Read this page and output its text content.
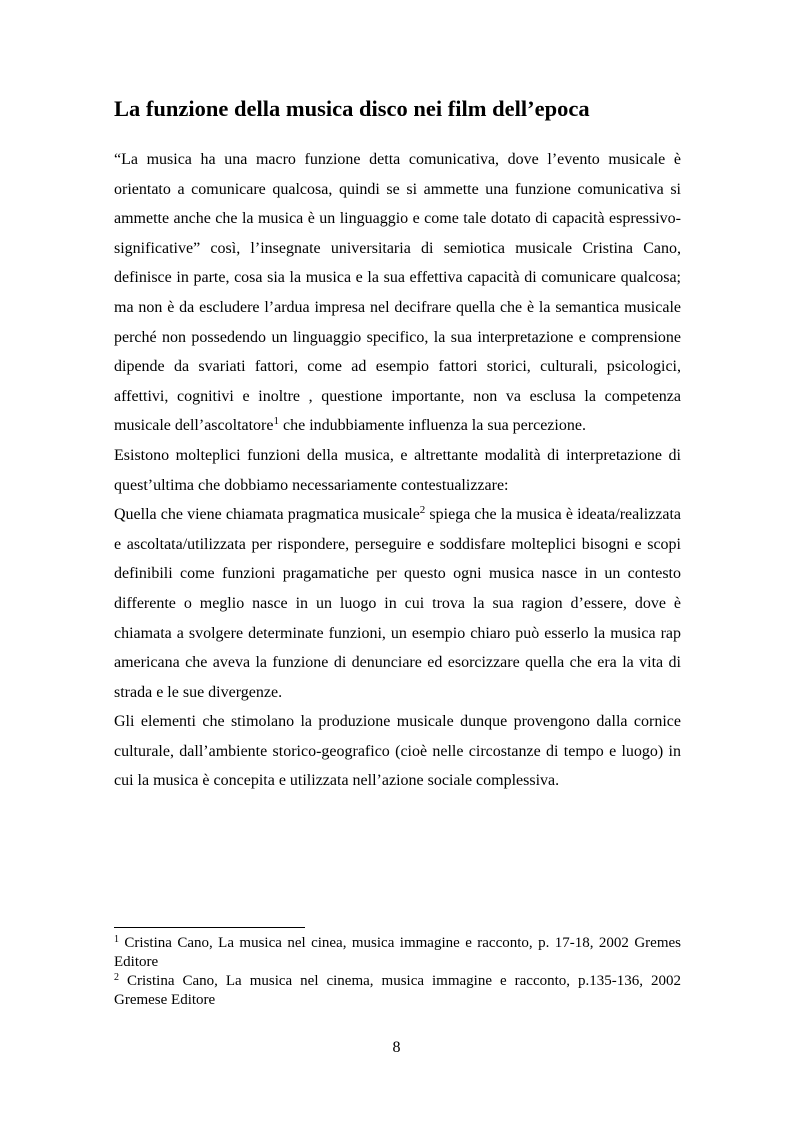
La funzione della musica disco nei film dell’epoca

“La musica ha una macro funzione detta comunicativa, dove l’evento musicale è orientato a comunicare qualcosa, quindi se si ammette una funzione comunicativa si ammette anche che la musica è un linguaggio e come tale dotato di capacità espressivo-significative” così, l’insegnate universitaria di semiotica musicale Cristina Cano, definisce in parte, cosa sia la musica e la sua effettiva capacità di comunicare qualcosa; ma non è da escludere l’ardua impresa nel decifrare quella che è la semantica musicale perché non possedendo un linguaggio specifico, la sua interpretazione e comprensione dipende da svariati fattori, come ad esempio fattori storici, culturali, psicologici, affettivi, cognitivi e inoltre , questione importante, non va esclusa la competenza musicale dell’ascoltatore$^1$ che indubbiamente influenza la sua percezione.

Esistono molteplici funzioni della musica, e altrettante modalità di interpretazione di quest’ultima che dobbiamo necessariamente contestualizzare:

Quella che viene chiamata pragmatica musicale$^2$ spiega che la musica è ideata/realizzata e ascoltata/utilizzata per rispondere, perseguire e soddisfare molteplici bisogni e scopi definibili come funzioni pragamatiche per questo ogni musica nasce in un contesto differente o meglio nasce in un luogo in cui trova la sua ragion d’essere, dove è chiamata a svolgere determinate funzioni, un esempio chiaro può esserlo la musica rap americana che aveva la funzione di denunciare ed esorcizzare quella che era la vita di strada e le sue divergenze.

Gli elementi che stimolano la produzione musicale dunque provengono dalla cornice culturale, dall’ambiente storico-geografico (cioè nelle circostanze di tempo e luogo) in cui la musica è concepita e utilizzata nell’azione sociale complessiva.

$^1$ Cristina Cano, La musica nel cinea, musica immagine e racconto, p. 17-18, 2002 Gremes Editore

$^2$ Cristina Cano, La musica nel cinema, musica immagine e racconto, p.135-136, 2002 Gremese Editore

8
